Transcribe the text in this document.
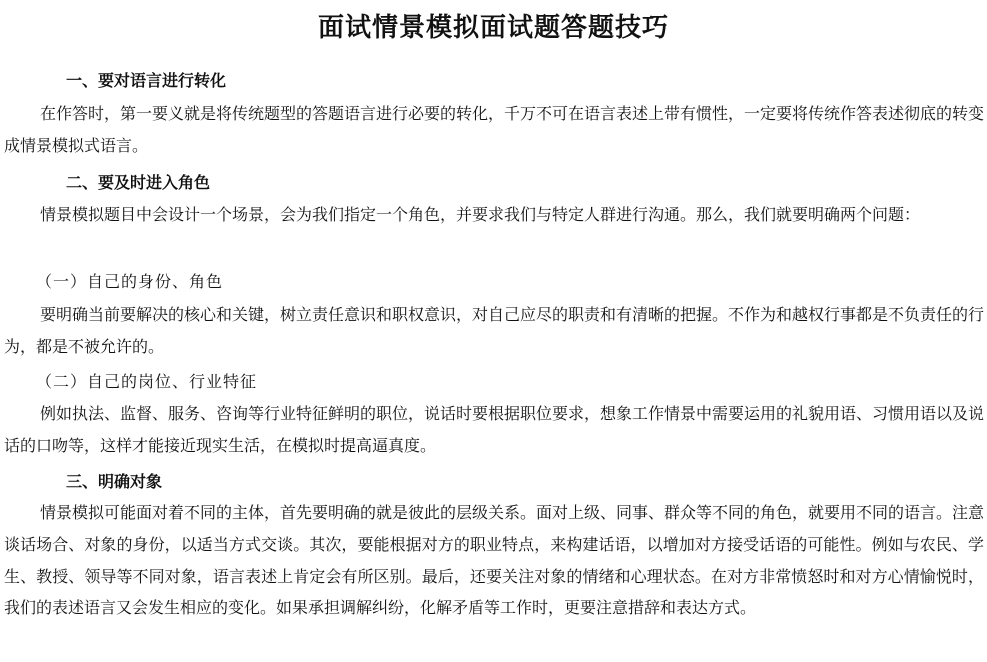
面试情景模拟面试题答题技巧
一、要对语言进行转化

在作答时，第一要义就是将传统题型的答题语言进行必要的转化，千万不可在语言表述上带有惯性，一定要将传统作答表述彻底的转变成情景模拟式语言。

二、要及时进入角色

情景模拟题目中会设计一个场景，会为我们指定一个角色，并要求我们与特定人群进行沟通。那么，我们就要明确两个问题：

（一）自己的身份、角色

要明确当前要解决的核心和关键，树立责任意识和职权意识，对自己应尽的职责和有清晰的把握。不作为和越权行事都是不负责任的行为，都是不被允许的。

（二）自己的岗位、行业特征

例如执法、监督、服务、咨询等行业特征鲜明的职位，说话时要根据职位要求，想象工作情景中需要运用的礼貌用语、习惯用语以及说话的口吻等，这样才能接近现实生活，在模拟时提高逼真度。

三、明确对象

情景模拟可能面对着不同的主体，首先要明确的就是彼此的层级关系。面对上级、同事、群众等不同的角色，就要用不同的语言。注意谈话场合、对象的身份，以适当方式交谈。其次，要能根据对方的职业特点，来构建话语，以增加对方接受话语的可能性。例如与农民、学生、教授、领导等不同对象，语言表述上肯定会有所区别。最后，还要关注对象的情绪和心理状态。在对方非常愤怒时和对方心情愉悦时，我们的表述语言又会发生相应的变化。如果承担调解纠纷，化解矛盾等工作时，更要注意措辞和表达方式。
